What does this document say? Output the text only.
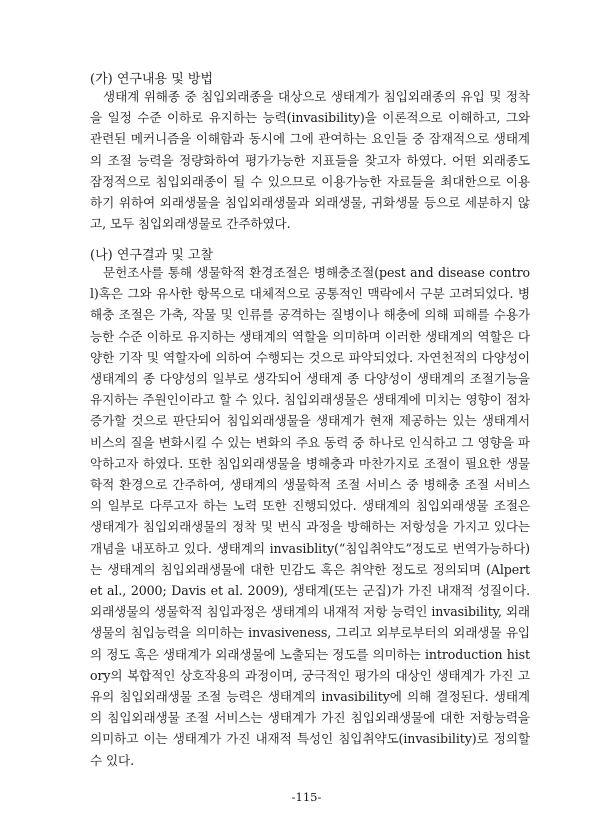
(가) 연구내용 및 방법
생태계 위해종 중 침입외래종을 대상으로 생태계가 침입외래종의 유입 및 정착을 일정 수준 이하로 유지하는 능력(invasibility)을 이론적으로 이해하고, 그와 관련된 메커니즘을 이해함과 동시에 그에 관여하는 요인들 중 잠재적으로 생태계의 조절 능력을 정량화하여 평가가능한 지표들을 찾고자 하였다. 어떤 외래종도 잠정적으로 침입외래종이 될 수 있으므로 이용가능한 자료들을 최대한으로 이용하기 위하여 외래생물을 침입외래생물과 외래생물, 귀화생물 등으로 세분하지 않고, 모두 침입외래생물로 간주하였다.
(나) 연구결과 및 고찰
문헌조사를 통해 생물학적 환경조절은 병해충조절(pest and disease control)혹은 그와 유사한 항목으로 대체적으로 공통적인 맥락에서 구분 고려되었다. 병해충 조절은 가축, 작물 및 인류를 공격하는 질병이나 해충에 의해 피해를 수용가능한 수준 이하로 유지하는 생태계의 역할을 의미하며 이러한 생태계의 역할은 다양한 기작 및 역할자에 의하여 수행되는 것으로 파악되었다. 자연천적의 다양성이 생태계의 종 다양성의 일부로 생각되어 생태계 종 다양성이 생태계의 조절기능을 유지하는 주원인이라고 할 수 있다. 침입외래생물은 생태계에 미치는 영향이 점차 증가할 것으로 판단되어 침입외래생물을 생태계가 현재 제공하는 있는 생태계서비스의 질을 변화시킬 수 있는 변화의 주요 동력 중 하나로 인식하고 그 영향을 파악하고자 하였다. 또한 침입외래생물을 병해충과 마찬가지로 조절이 필요한 생물학적 환경으로 간주하여, 생태계의 생물학적 조절 서비스 중 병해충 조절 서비스의 일부로 다루고자 하는 노력 또한 진행되었다. 생태계의 침입외래생물 조절은 생태계가 침입외래생물의 정착 및 번식 과정을 방해하는 저항성을 가지고 있다는 개념을 내포하고 있다. 생태계의 invasiblity(“침입취약도”정도로 번역가능하다)는 생태계의 침입외래생물에 대한 민감도 혹은 취약한 정도로 정의되며 (Alpert et al., 2000; Davis et al. 2009), 생태계(또는 군집)가 가진 내재적 성질이다. 외래생물의 생물학적 침입과정은 생태계의 내재적 저항 능력인 invasibility, 외래생물의 침입능력을 의미하는 invasiveness, 그리고 외부로부터의 외래생물 유입의 정도 혹은 생태계가 외래생물에 노출되는 정도를 의미하는 introduction history의 복합적인 상호작용의 과정이며, 궁극적인 평가의 대상인 생태계가 가진 고유의 침입외래생물 조절 능력은 생태계의 invasibility에 의해 결정된다. 생태계의 침입외래생물 조절 서비스는 생태계가 가진 침입외래생물에 대한 저항능력을 의미하고 이는 생태계가 가진 내재적 특성인 침입취약도(invasibility)로 정의할 수 있다.
-115-
